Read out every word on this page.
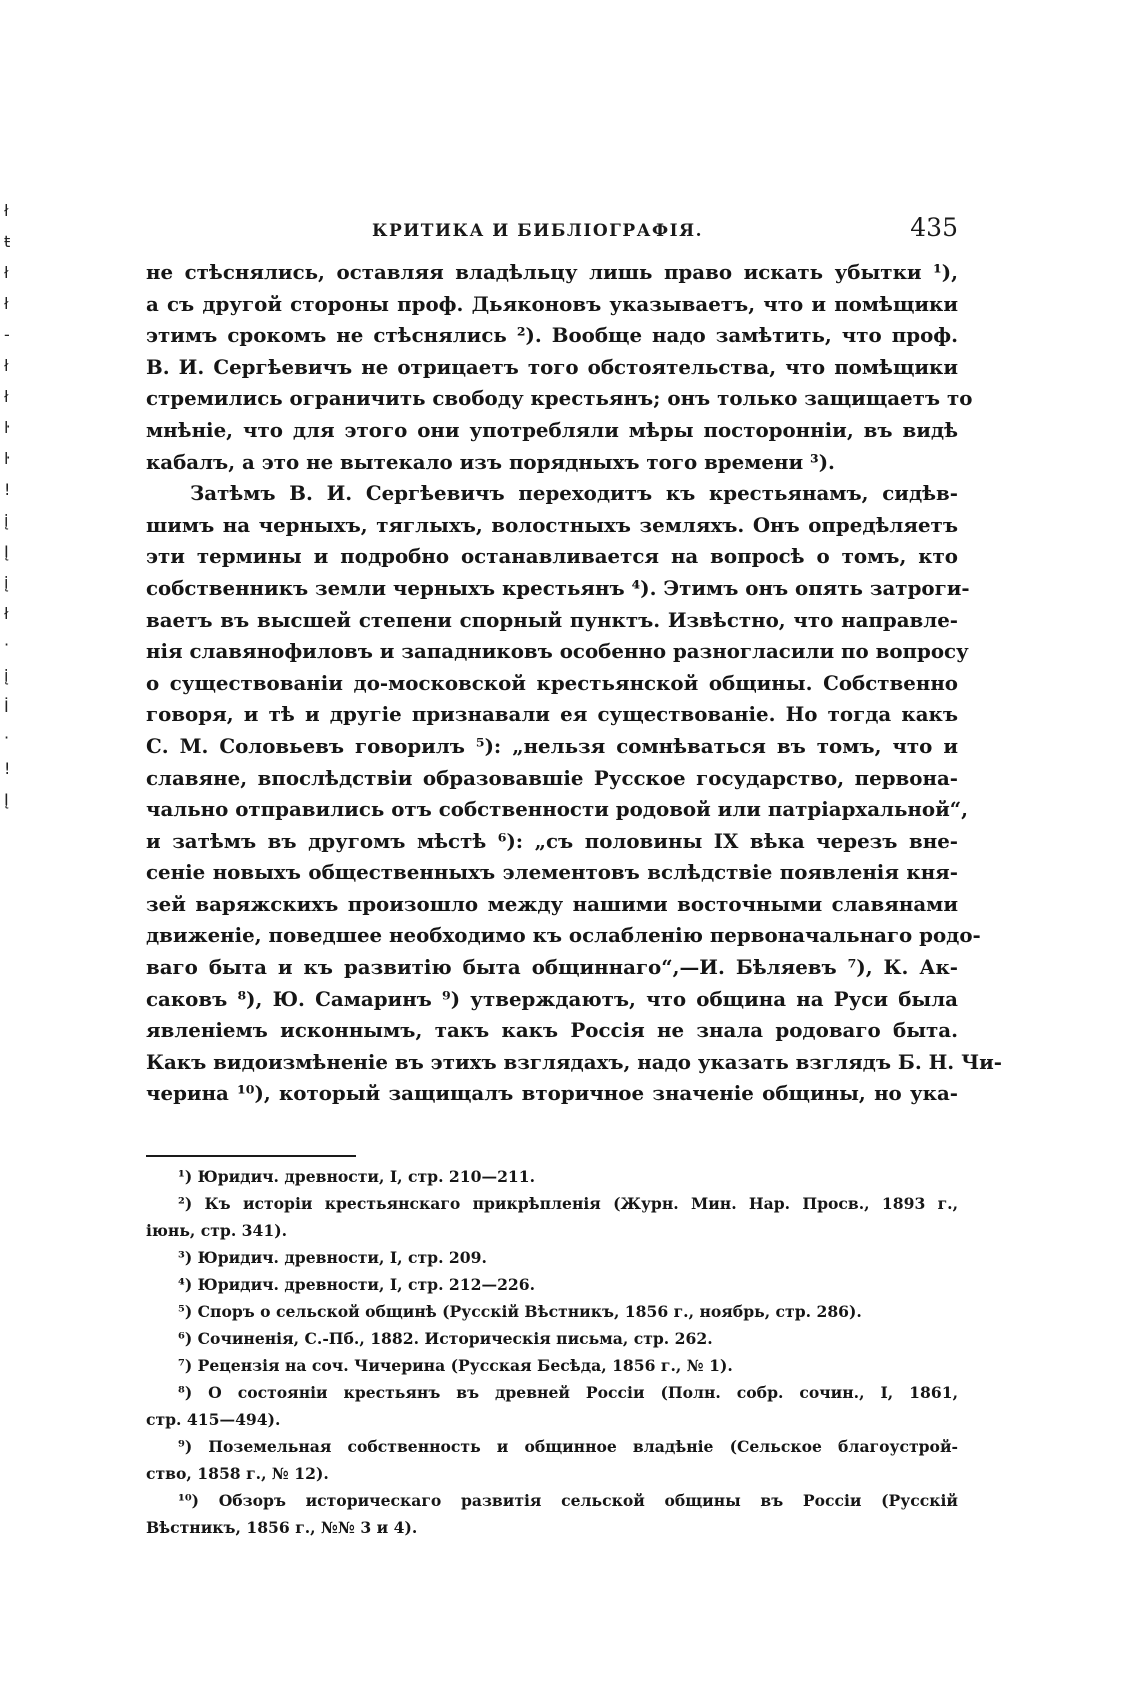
ł
ŧ
ł
ł
-
ł
ł
ŀ
ŀ
!
į
Į
į
ł
·
į
İ
·
!
Į
КРИТИКА И БИБЛІОГРАФІЯ.	435
не стѣснялись, оставляя владѣльцу лишь право искать убытки ¹),
а съ другой стороны проф. Дьяконовъ указываетъ, что и помѣщики
этимъ срокомъ не стѣснялись ²). Вообще надо замѣтить, что проф.
В. И. Сергѣевичъ не отрицаетъ того обстоятельства, что помѣщики
стремились ограничить свободу крестьянъ; онъ только защищаетъ то
мнѣніе, что для этого они употребляли мѣры посторонніи, въ видѣ
кабалъ, а это не вытекало изъ порядныхъ того времени ³).
Затѣмъ В. И. Сергѣевичъ переходитъ къ крестьянамъ, сидѣв-
шимъ на черныхъ, тяглыхъ, волостныхъ земляхъ. Онъ опредѣляетъ
эти термины и подробно останавливается на вопросѣ о томъ, кто
собственникъ земли черныхъ крестьянъ ⁴). Этимъ онъ опять затроги-
ваетъ въ высшей степени спорный пунктъ. Извѣстно, что направле-
нія славянофиловъ и западниковъ особенно разногласили по вопросу
о существованіи до-московской крестьянской общины. Собственно
говоря, и тѣ и другіе признавали ея существованіе. Но тогда какъ
С. М. Соловьевъ говорилъ ⁵): „нельзя сомнѣваться въ томъ, что и
славяне, впослѣдствіи образовавшіе Русское государство, первона-
чально отправились отъ собственности родовой или патріархальной“,
и затѣмъ въ другомъ мѣстѣ ⁶): „съ половины IX вѣка черезъ вне-
сеніе новыхъ общественныхъ элементовъ вслѣдствіе появленія кня-
зей варяжскихъ произошло между нашими восточными славянами
движеніе, поведшее необходимо къ ослабленію первоначальнаго родо-
ваго быта и къ развитію быта общиннаго“,—И. Бѣляевъ ⁷), К. Ак-
саковъ ⁸), Ю. Самаринъ ⁹) утверждаютъ, что община на Руси была
явленіемъ исконнымъ, такъ какъ Россія не знала родоваго быта.
Какъ видоизмѣненіе въ этихъ взглядахъ, надо указать взглядъ Б. Н. Чи-
черина ¹⁰), который защищалъ вторичное значеніе общины, но ука-
¹) Юридич. древности, I, стр. 210—211.
²) Къ исторіи крестьянскаго прикрѣпленія (Журн. Мин. Нар. Просв., 1893 г.,
іюнь, стр. 341).
³) Юридич. древности, I, стр. 209.
⁴) Юридич. древности, I, стр. 212—226.
⁵) Споръ о сельской общинѣ (Русскій Вѣстникъ, 1856 г., ноябрь, стр. 286).
⁶) Сочиненія, С.-Пб., 1882. Историческія письма, стр. 262.
⁷) Рецензія на соч. Чичерина (Русская Бесѣда, 1856 г., № 1).
⁸) О состояніи крестьянъ въ древней Россіи (Полн. собр. сочин., I, 1861,
стр. 415—494).
⁹) Поземельная собственность и общинное владѣніе (Сельское благоустрой-
ство, 1858 г., № 12).
¹⁰) Обзоръ историческаго развитія сельской общины въ Россіи (Русскій
Вѣстникъ, 1856 г., №№ 3 и 4).
